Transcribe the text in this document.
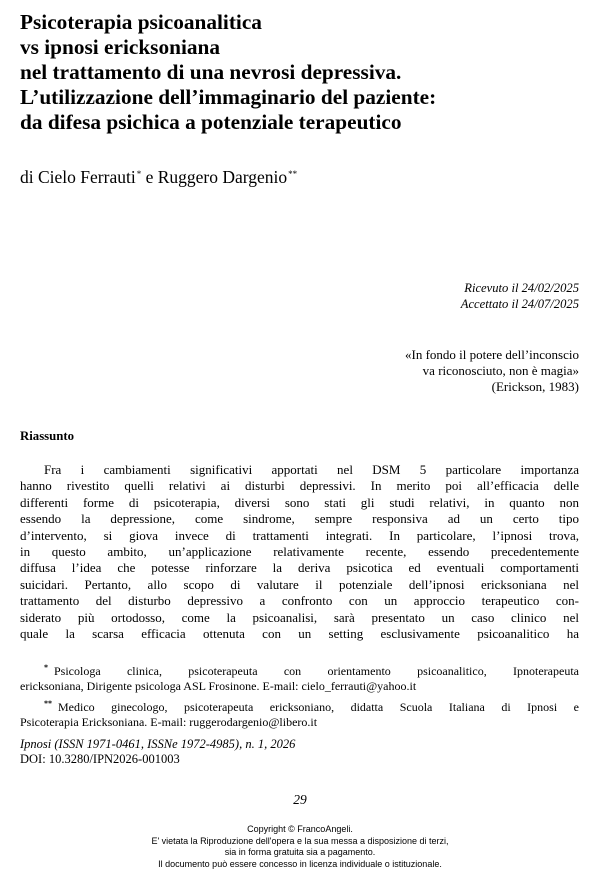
Psicoterapia psicoanalitica
vs ipnosi ericksoniana
nel trattamento di una nevrosi depressiva.
L’utilizzazione dell’immaginario del paziente:
da difesa psichica a potenziale terapeutico
di Cielo Ferrauti* e Ruggero Dargenio**
Ricevuto il 24/02/2025
Accettato il 24/07/2025
«In fondo il potere dell’inconscio
va riconosciuto, non è magia»
(Erickson, 1983)
Riassunto
Fra i cambiamenti significativi apportati nel DSM 5 particolare importanza
hanno rivestito quelli relativi ai disturbi depressivi. In merito poi all’efficacia delle
differenti forme di psicoterapia, diversi sono stati gli studi relativi, in quanto non
essendo la depressione, come sindrome, sempre responsiva ad un certo tipo
d’intervento, si giova invece di trattamenti integrati. In particolare, l’ipnosi trova,
in questo ambito, un’applicazione relativamente recente, essendo precedentemente
diffusa l’idea che potesse rinforzare la deriva psicotica ed eventuali comportamenti
suicidari. Pertanto, allo scopo di valutare il potenziale dell’ipnosi ericksoniana nel
trattamento del disturbo depressivo a confronto con un approccio terapeutico con-
siderato più ortodosso, come la psicoanalisi, sarà presentato un caso clinico nel
quale la scarsa efficacia ottenuta con un setting esclusivamente psicoanalitico ha
* Psicologa clinica, psicoterapeuta con orientamento psicoanalitico, Ipnoterapeuta
ericksoniana, Dirigente psicologa ASL Frosinone. E-mail: cielo_ferrauti@yahoo.it
** Medico ginecologo, psicoterapeuta ericksoniano, didatta Scuola Italiana di Ipnosi e
Psicoterapia Ericksoniana. E-mail: ruggerodargenio@libero.it
Ipnosi (ISSN 1971-0461, ISSNe 1972-4985), n. 1, 2026
DOI: 10.3280/IPN2026-001003
29
Copyright © FrancoAngeli.
E' vietata la Riproduzione dell'opera e la sua messa a disposizione di terzi,
sia in forma gratuita sia a pagamento.
Il documento può essere concesso in licenza individuale o istituzionale.
